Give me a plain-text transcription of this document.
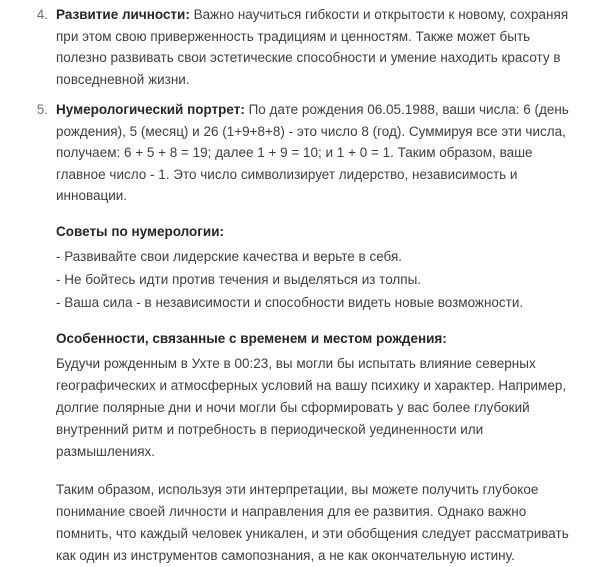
4. Развитие личности: Важно научиться гибкости и открытости к новому, сохраняя при этом свою приверженность традициям и ценностям. Также может быть полезно развивать свои эстетические способности и умение находить красоту в повседневной жизни.
5. Нумерологический портрет: По дате рождения 06.05.1988, ваши числа: 6 (день рождения), 5 (месяц) и 26 (1+9+8+8) - это число 8 (год). Суммируя все эти числа, получаем: 6 + 5 + 8 = 19; далее 1 + 9 = 10; и 1 + 0 = 1. Таким образом, ваше главное число - 1. Это число символизирует лидерство, независимость и инновации.
Советы по нумерологии:
- Развивайте свои лидерские качества и верьте в себя.
- Не бойтесь идти против течения и выделяться из толпы.
- Ваша сила - в независимости и способности видеть новые возможности.
Особенности, связанные с временем и местом рождения:
Будучи рожденным в Ухте в 00:23, вы могли бы испытать влияние северных географических и атмосферных условий на вашу психику и характер. Например, долгие полярные дни и ночи могли бы сформировать у вас более глубокий внутренний ритм и потребность в периодической уединенности или размышлениях.
Таким образом, используя эти интерпретации, вы можете получить глубокое понимание своей личности и направления для ее развития. Однако важно помнить, что каждый человек уникален, и эти обобщения следует рассматривать как один из инструментов самопознания, а не как окончательную истину.
